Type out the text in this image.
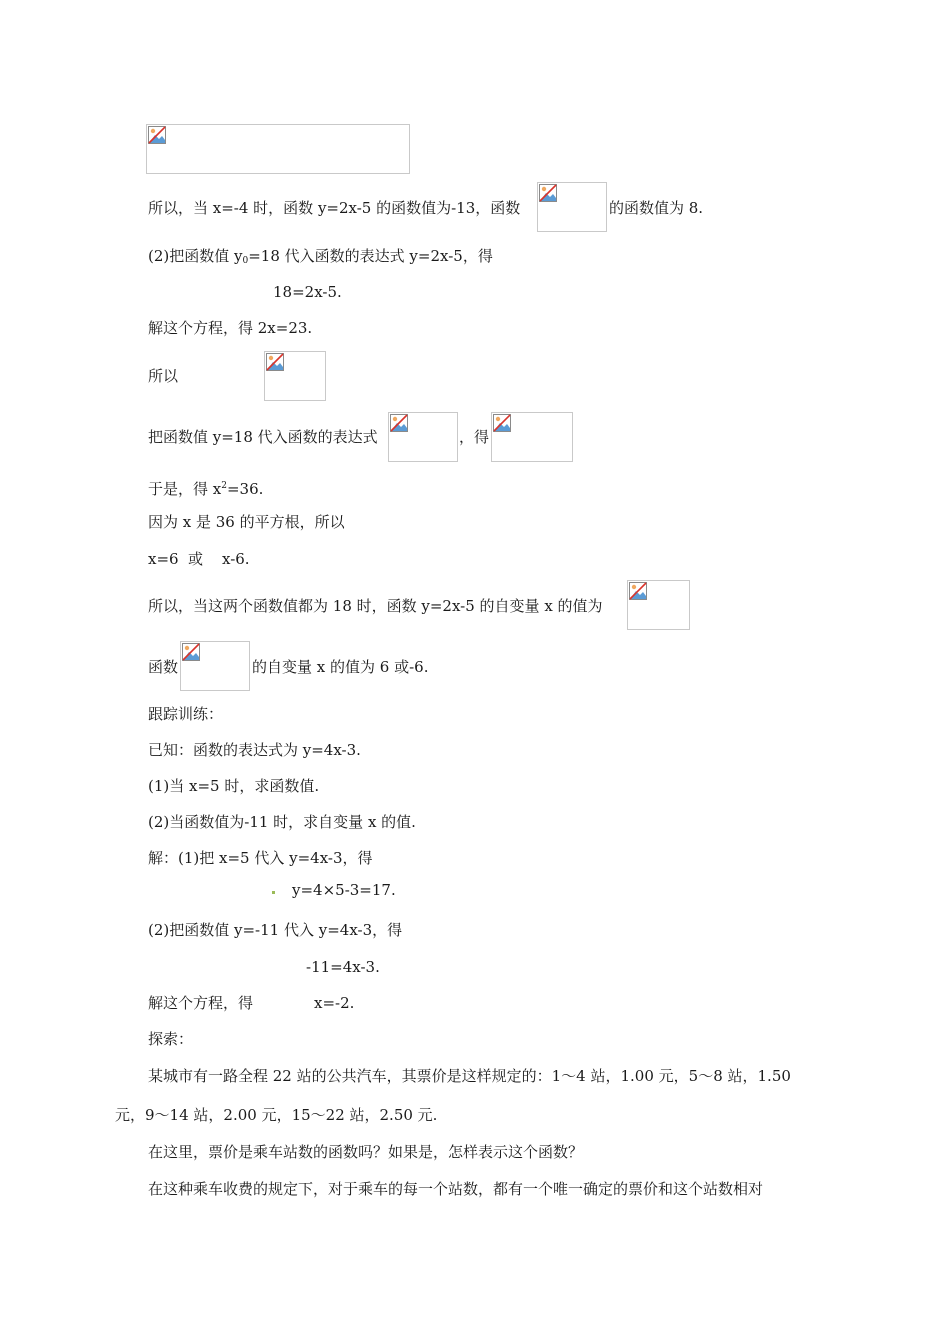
所以，当 x=-4 时，函数 y=2x-5 的函数值为-13，函数	的函数值为 8.
(2)把函数值 $y_0=18$ 代入函数的表达式 y=2x-5，得
18=2x-5.
解这个方程，得 2x=23.
所以
把函数值 y=18 代入函数的表达式	，得
于是，得 $x^2=36$.
因为 x 是 36 的平方根，所以
x=6 或 x-6.
所以，当这两个函数值都为 18 时，函数 y=2x-5 的自变量 x 的值为
函数	的自变量 x 的值为 6 或-6.
跟踪训练：
已知：函数的表达式为 y=4x-3.
(1)当 x=5 时，求函数值.
(2)当函数值为-11 时，求自变量 x 的值.
解：(1)把 x=5 代入 y=4x-3，得
y=4×5-3=17.
(2)把函数值 y=-11 代入 y=4x-3，得
-11=4x-3.
解这个方程，得	x=-2.
探索：
某城市有一路全程 22 站的公共汽车，其票价是这样规定的：1～4 站，1.00 元，5～8 站，1.50
元，9～14 站，2.00 元，15～22 站，2.50 元.
在这里，票价是乘车站数的函数吗？如果是，怎样表示这个函数？
在这种乘车收费的规定下，对于乘车的每一个站数，都有一个唯一确定的票价和这个站数相对
